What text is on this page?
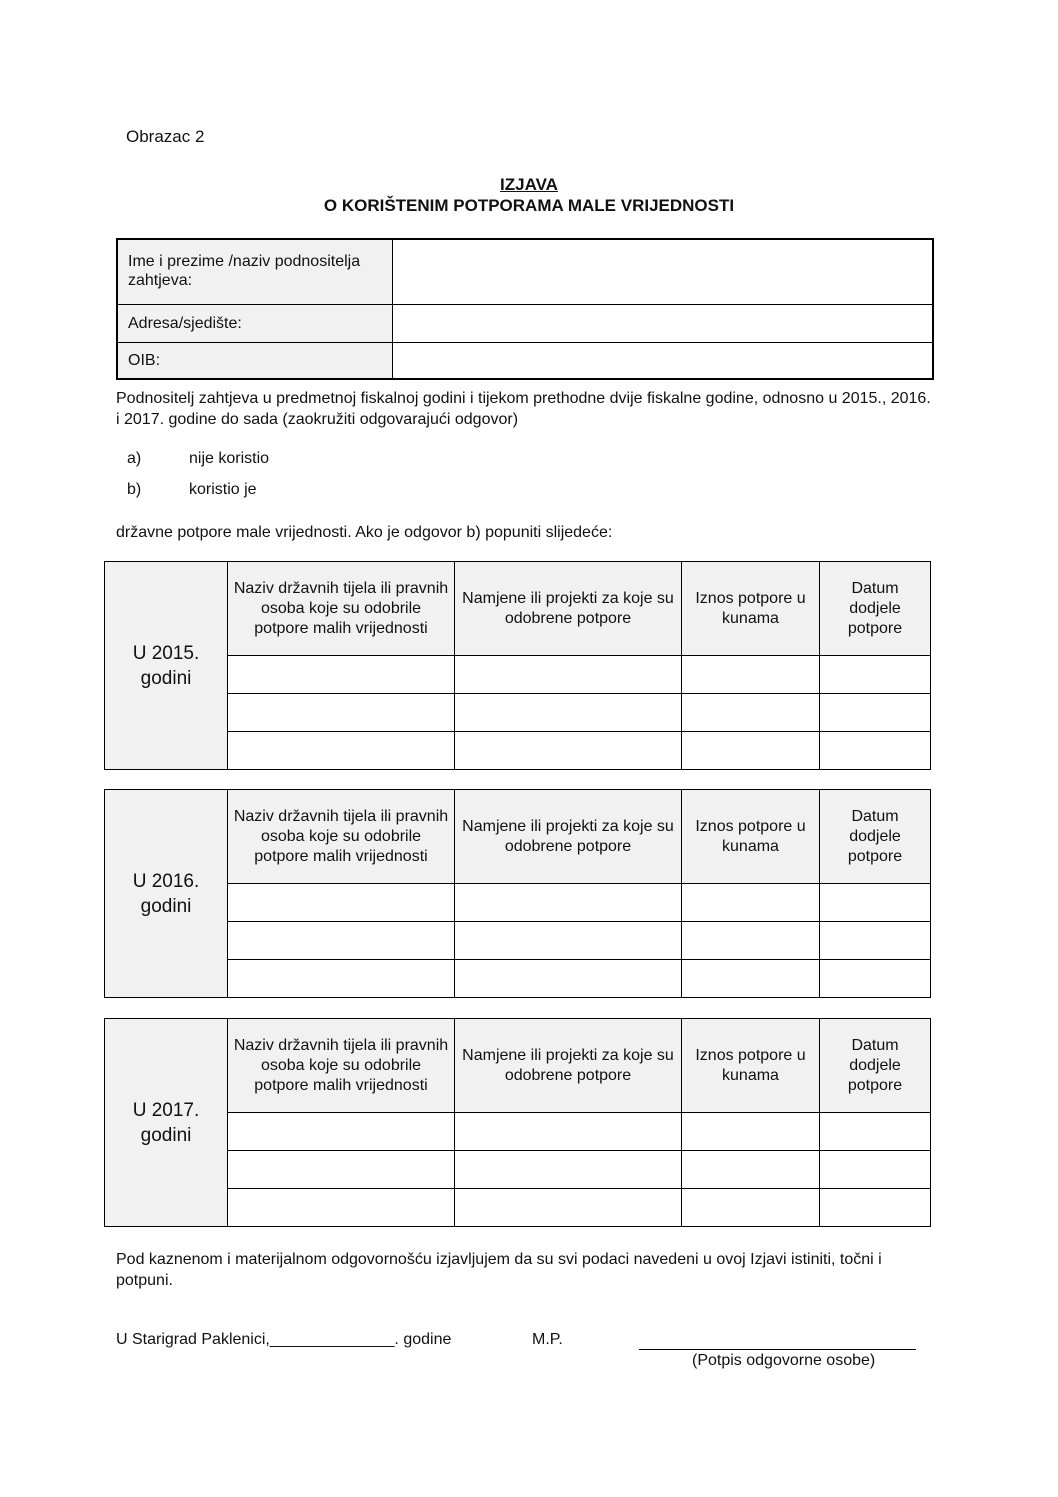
Obrazac 2
IZJAVA
O KORIŠTENIM POTPORAMA MALE VRIJEDNOSTI
Ime i prezime /naziv podnositelja zahtjeva:	
Adresa/sjedište:	
OIB:	
Podnositelj zahtjeva u predmetnoj fiskalnoj godini i tijekom prethodne dvije fiskalne godine, odnosno u 2015., 2016. i 2017. godine do sada (zaokružiti odgovarajući odgovor)
a)	nije koristio
b)	koristio je
državne potpore male vrijednosti. Ako je odgovor b) popuniti slijedeće:
U 2015. godini	Naziv državnih tijela ili pravnih osoba koje su odobrile potpore malih vrijednosti	Namjene ili projekti za koje su odobrene potpore	Iznos potpore u kunama	Datum dodjele potpore

U 2016. godini	Naziv državnih tijela ili pravnih osoba koje su odobrile potpore malih vrijednosti	Namjene ili projekti za koje su odobrene potpore	Iznos potpore u kunama	Datum dodjele potpore

U 2017. godini	Naziv državnih tijela ili pravnih osoba koje su odobrile potpore malih vrijednosti	Namjene ili projekti za koje su odobrene potpore	Iznos potpore u kunama	Datum dodjele potpore

Pod kaznenom i materijalnom odgovornošću izjavljujem da su svi podaci navedeni u ovoj Izjavi istiniti, točni i potpuni.
U Starigrad Paklenici,______________. godine	M.P.
(Potpis odgovorne osobe)
